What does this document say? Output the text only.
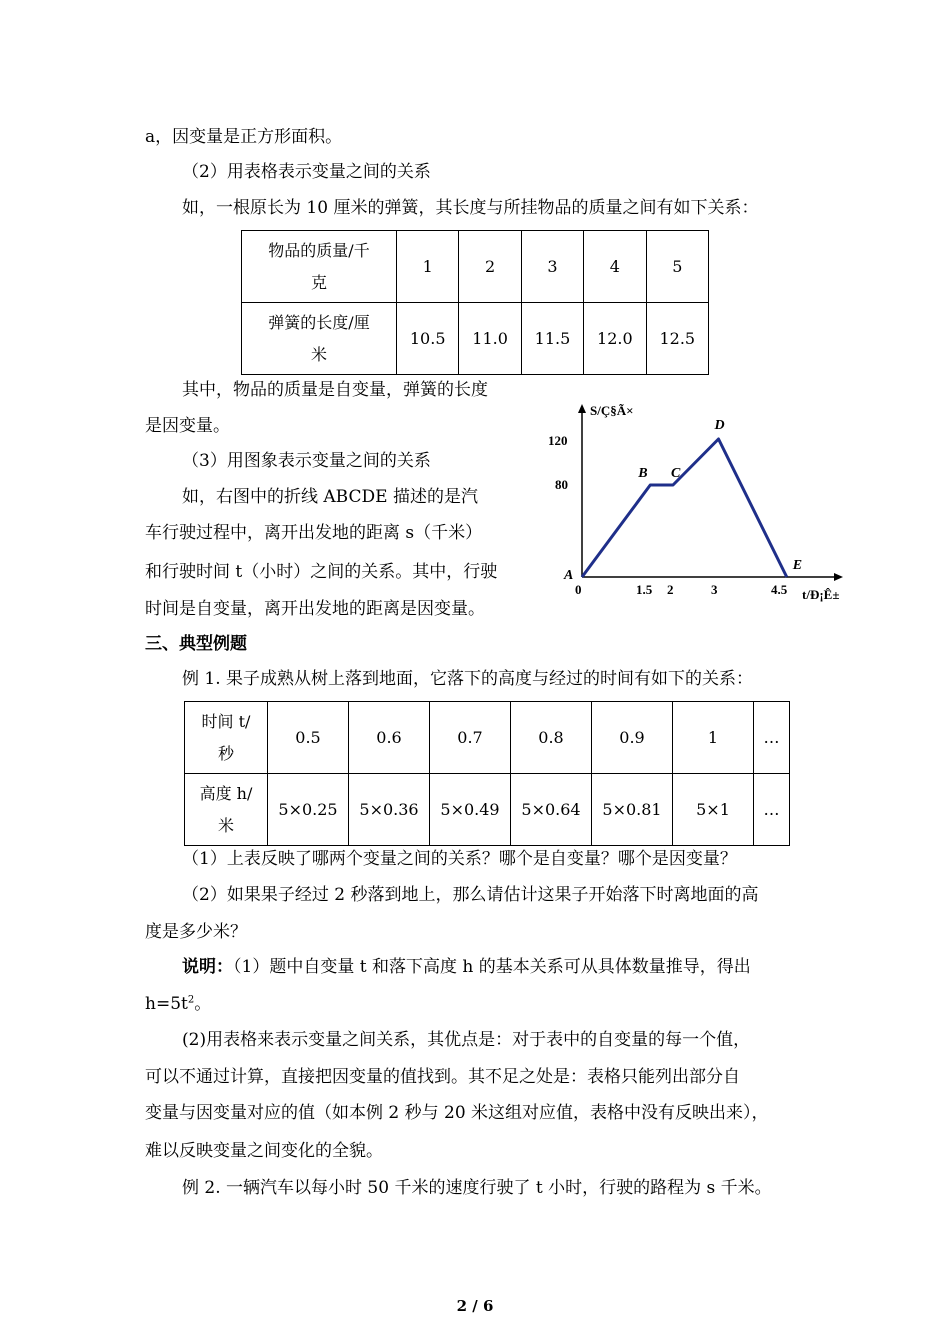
a，因变量是正方形面积。
（2）用表格表示变量之间的关系
如，一根原长为 10 厘米的弹簧，其长度与所挂物品的质量之间有如下关系：
物品的质量/千
克	1	2	3	4	5

弹簧的长度/厘
米	10.5	11.0	11.5	12.0	12.5
其中，物品的质量是自变量，弹簧的长度
是因变量。
（3）用图象表示变量之间的关系
如，右图中的折线 ABCDE 描述的是汽
车行驶过程中，离开出发地的距离 s（千米）
和行驶时间 t（小时）之间的关系。其中，行驶
时间是自变量，离开出发地的距离是因变量。
S/Ç§Ã×
t/Ð¡Ê±
120
80
0	1.5 2	3	4.5
A
B C
D
E
三、典型例题
例 1. 果子成熟从树上落到地面，它落下的高度与经过的时间有如下的关系：
时间 t/
秒	0.5	0.6	0.7	0.8	0.9	1	…

高度 h/
米	5×0.25	5×0.36	5×0.49	5×0.64	5×0.81	5×1	…
（1）上表反映了哪两个变量之间的关系？哪个是自变量？哪个是因变量？
（2）如果果子经过 2 秒落到地上，那么请估计这果子开始落下时离地面的高
度是多少米？
说明：（1）题中自变量 t 和落下高度 h 的基本关系可从具体数量推导，得出
$h=5t^2$。
(2)用表格来表示变量之间关系，其优点是：对于表中的自变量的每一个值，
可以不通过计算，直接把因变量的值找到。其不足之处是：表格只能列出部分自
变量与因变量对应的值（如本例 2 秒与 20 米这组对应值，表格中没有反映出来），
难以反映变量之间变化的全貌。
例 2. 一辆汽车以每小时 50 千米的速度行驶了 t 小时，行驶的路程为 s 千米。
2 / 6
